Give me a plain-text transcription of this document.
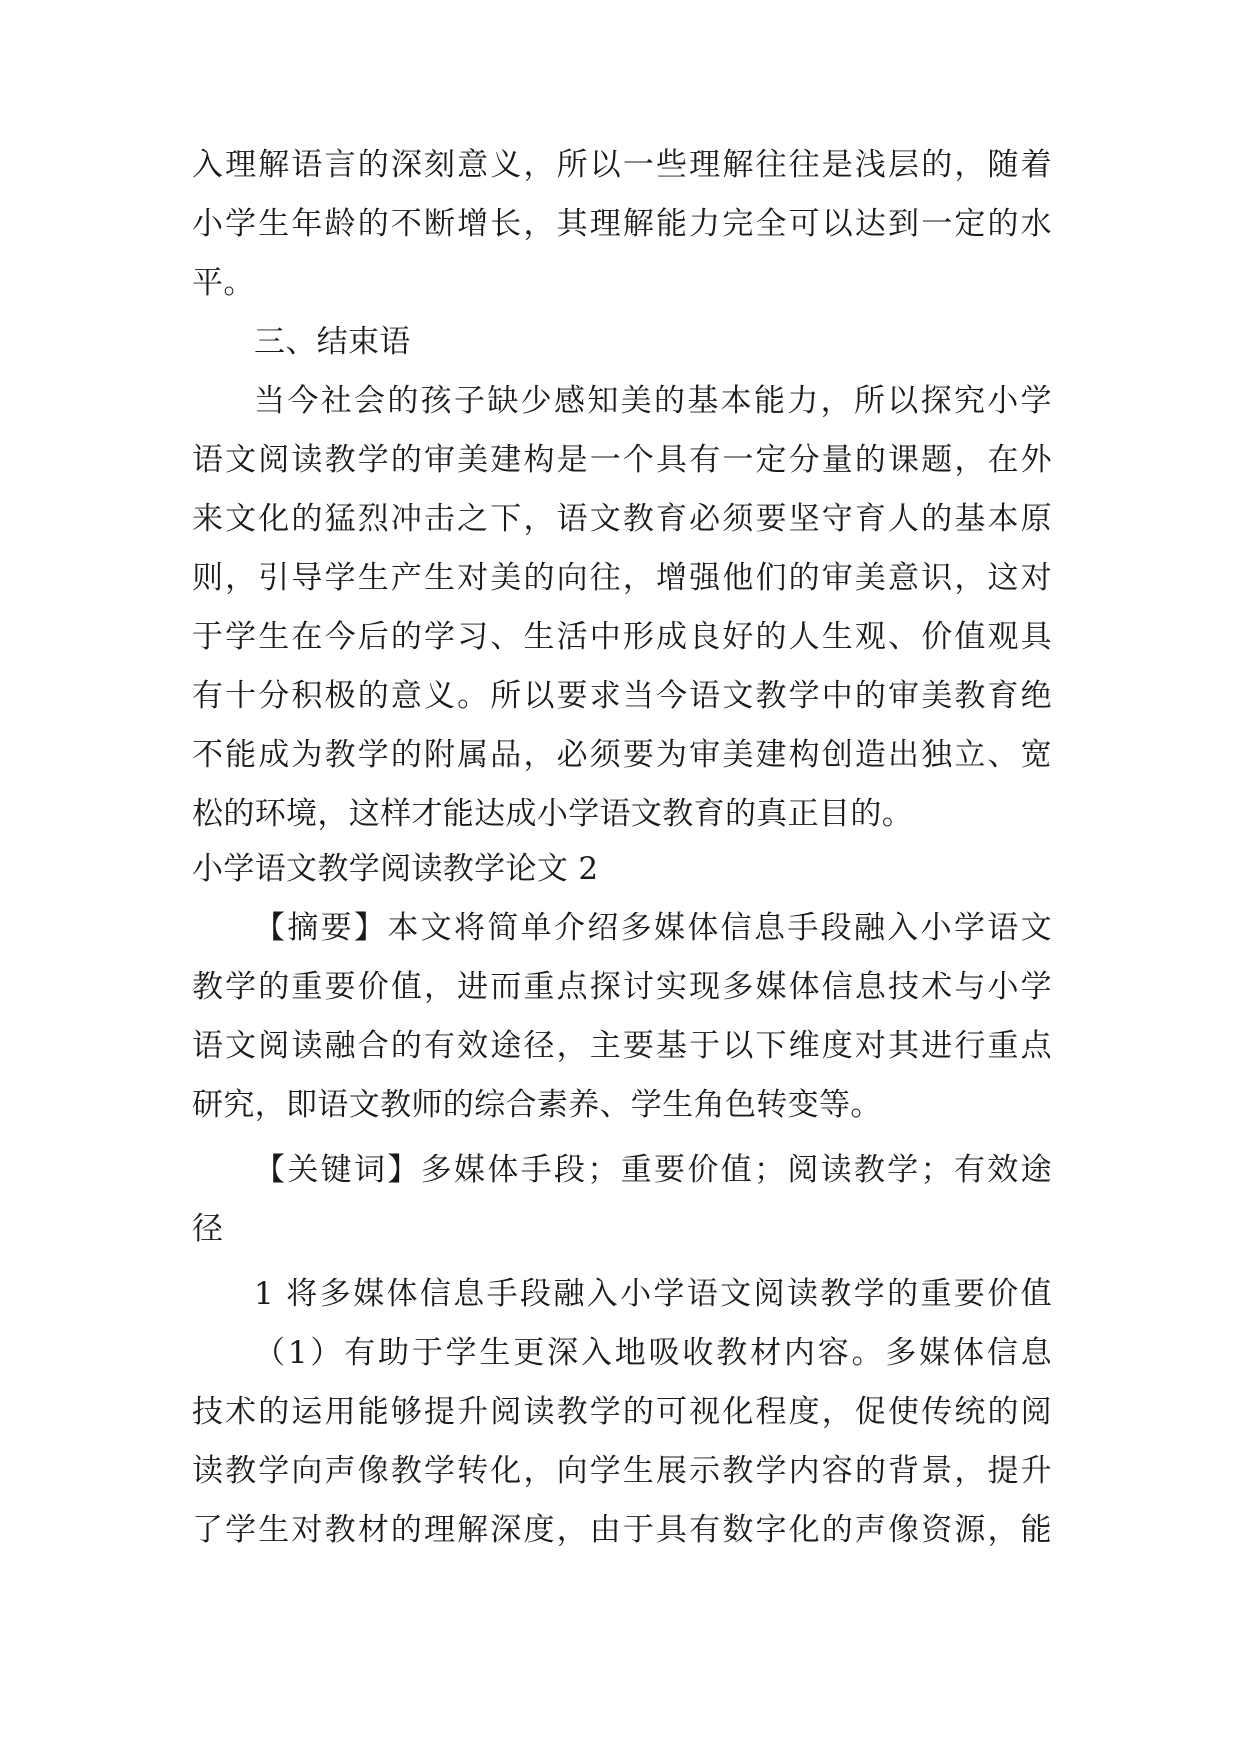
入理解语言的深刻意义，所以一些理解往往是浅层的，随着
小学生年龄的不断增长，其理解能力完全可以达到一定的水
平。
三、结束语
当今社会的孩子缺少感知美的基本能力，所以探究小学
语文阅读教学的审美建构是一个具有一定分量的课题，在外
来文化的猛烈冲击之下，语文教育必须要坚守育人的基本原
则，引导学生产生对美的向往，增强他们的审美意识，这对
于学生在今后的学习、生活中形成良好的人生观、价值观具
有十分积极的意义。所以要求当今语文教学中的审美教育绝
不能成为教学的附属品，必须要为审美建构创造出独立、宽
松的环境，这样才能达成小学语文教育的真正目的。
小学语文教学阅读教学论文 2
【摘要】本文将简单介绍多媒体信息手段融入小学语文
教学的重要价值，进而重点探讨实现多媒体信息技术与小学
语文阅读融合的有效途径，主要基于以下维度对其进行重点
研究，即语文教师的综合素养、学生角色转变等。
【关键词】多媒体手段；重要价值；阅读教学；有效途
径
1 将多媒体信息手段融入小学语文阅读教学的重要价值
（1）有助于学生更深入地吸收教材内容。多媒体信息
技术的运用能够提升阅读教学的可视化程度，促使传统的阅
读教学向声像教学转化，向学生展示教学内容的背景，提升
了学生对教材的理解深度，由于具有数字化的声像资源，能
